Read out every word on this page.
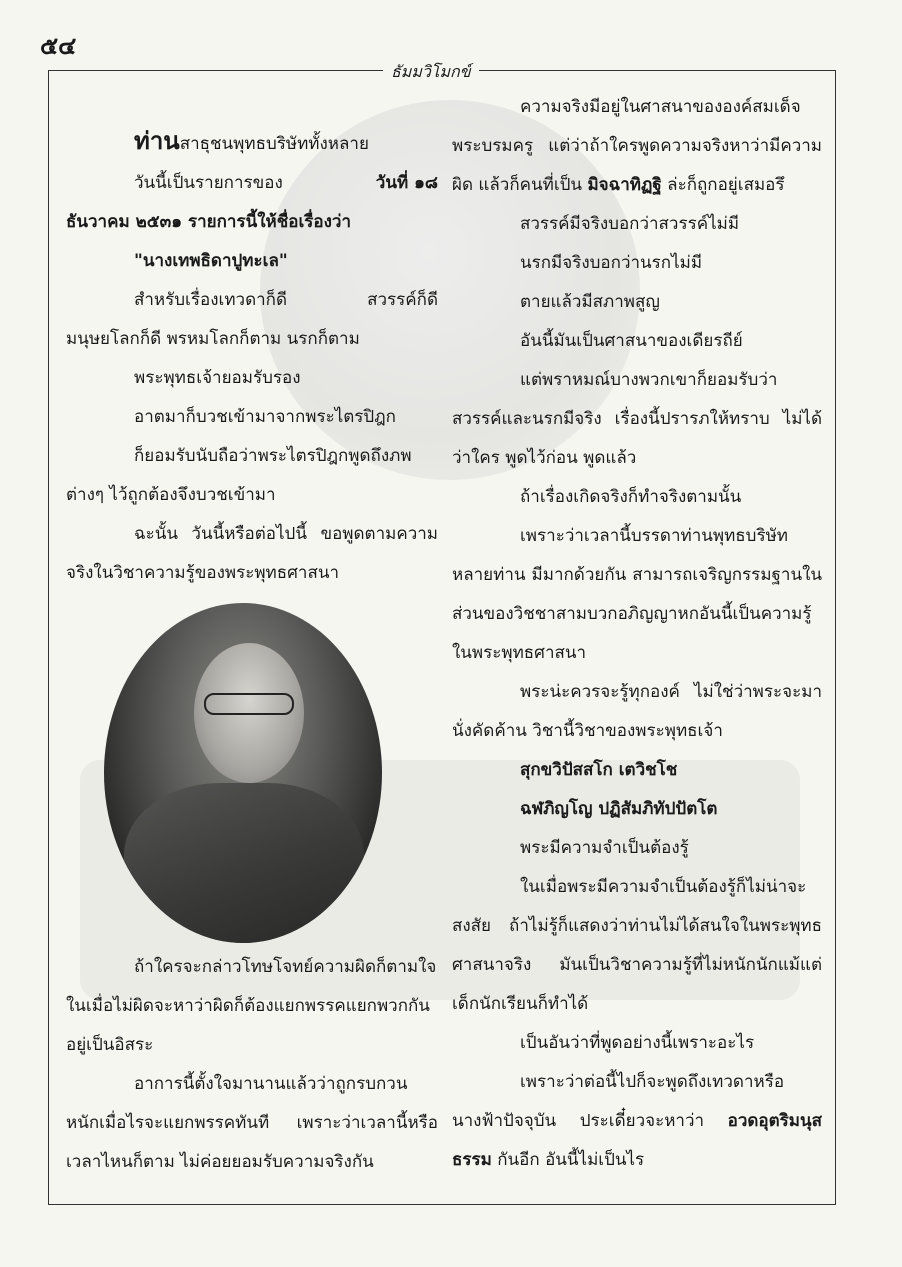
๕๔
ธัมมวิโมกข์

ท่านสาธุชนพุทธบริษัททั้งหลาย

วันนี้เป็นรายการของ	วันที่ ๑๘

ธันวาคม ๒๕๓๑ รายการนี้ให้ชื่อเรื่องว่า

"นางเทพธิดาปูทะเล"

สำหรับเรื่องเทวดาก็ดี สวรรค์ก็ดี มนุษยโลกก็ดี พรหมโลกก็ตาม นรกก็ตาม

พระพุทธเจ้ายอมรับรอง

อาตมาก็บวชเข้ามาจากพระไตรปิฎก

ก็ยอมรับนับถือว่าพระไตรปิฎกพูดถึงภพต่างๆ ไว้ถูกต้องจึงบวชเข้ามา

ฉะนั้น วันนี้หรือต่อไปนี้ ขอพูดตามความจริงในวิชาความรู้ของพระพุทธศาสนา

ถ้าใครจะกล่าวโทษโจทย์ความผิดก็ตามใจ ในเมื่อไม่ผิดจะหาว่าผิดก็ต้องแยกพรรคแยกพวกกัน อยู่เป็นอิสระ

อาการนี้ตั้งใจมานานแล้วว่าถูกรบกวนหนักเมื่อไรจะแยกพรรคทันที เพราะว่าเวลานี้หรือเวลาไหนก็ตาม ไม่ค่อยยอมรับความจริงกัน

ความจริงมีอยู่ในศาสนาขององค์สมเด็จพระบรมครู แต่ว่าถ้าใครพูดความจริงหาว่ามีความผิด แล้วก็คนที่เป็น มิจฉาทิฏฐิ ล่ะก็ถูกอยู่เสมอรึ

สวรรค์มีจริงบอกว่าสวรรค์ไม่มี

นรกมีจริงบอกว่านรกไม่มี

ตายแล้วมีสภาพสูญ

อันนี้มันเป็นศาสนาของเดียรถีย์

แต่พราหมณ์บางพวกเขาก็ยอมรับว่าสวรรค์และนรกมีจริง เรื่องนี้ปรารภให้ทราบ ไม่ได้ว่าใคร พูดไว้ก่อน พูดแล้ว

ถ้าเรื่องเกิดจริงก็ทำจริงตามนั้น

เพราะว่าเวลานี้บรรดาท่านพุทธบริษัทหลายท่าน มีมากด้วยกัน สามารถเจริญกรรมฐานในส่วนของวิชชาสามบวกอภิญญาหกอันนี้เป็นความรู้ในพระพุทธศาสนา

พระน่ะควรจะรู้ทุกองค์ ไม่ใช่ว่าพระจะมานั่งคัดค้าน วิชานี้วิชาของพระพุทธเจ้า

สุกขวิปัสสโก เตวิชโช

ฉฬภิญโญ ปฏิสัมภิทัปปัตโต

พระมีความจำเป็นต้องรู้

ในเมื่อพระมีความจำเป็นต้องรู้ก็ไม่น่าจะสงสัย ถ้าไม่รู้ก็แสดงว่าท่านไม่ได้สนใจในพระพุทธศาสนาจริง มันเป็นวิชาความรู้ที่ไม่หนักนักแม้แต่เด็กนักเรียนก็ทำได้

เป็นอันว่าที่พูดอย่างนี้เพราะอะไร

เพราะว่าต่อนี้ไปก็จะพูดถึงเทวดาหรือนางฟ้าปัจจุบัน ประเดี๋ยวจะหาว่า อวดอุตริมนุสธรรม กันอีก อันนี้ไม่เป็นไร
